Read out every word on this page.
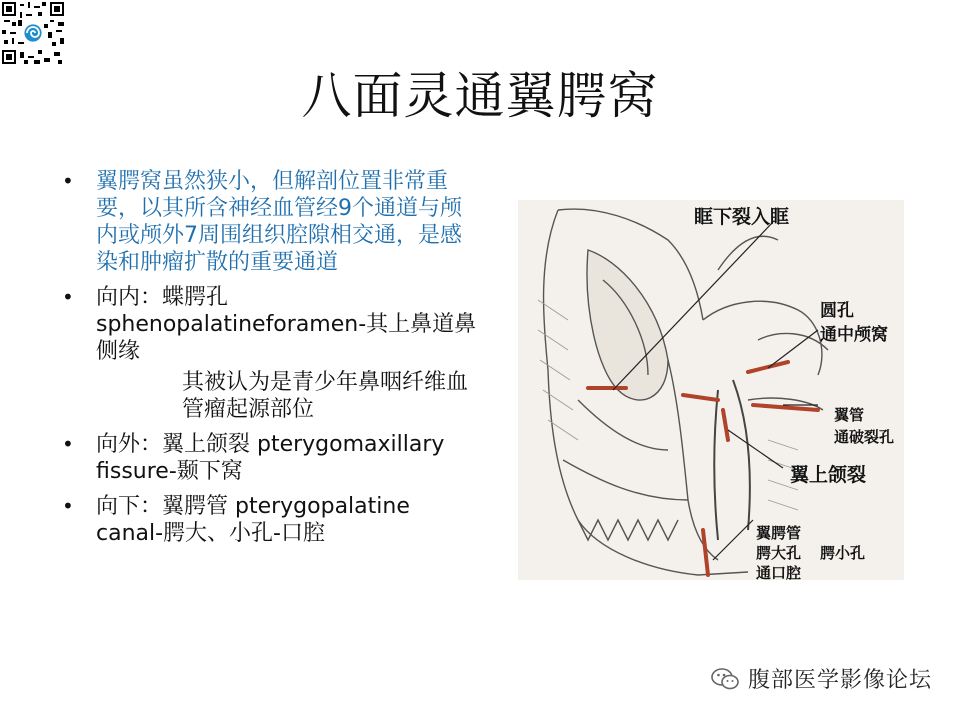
八面灵通翼腭窝
• 翼腭窝虽然狭小，但解剖位置非常重要，以其所含神经血管经9个通道与颅内或颅外7周围组织腔隙相交通，是感染和肿瘤扩散的重要通道
• 向内：蝶腭孔 sphenopalatineforamen-其上鼻道鼻侧缘
其被认为是青少年鼻咽纤维血管瘤起源部位
• 向外：翼上颌裂 pterygomaxillary fissure-颞下窝
• 向下：翼腭管 pterygopalatine canal-腭大、小孔-口腔
眶下裂入眶
圆孔
通中颅窝
翼管
通破裂孔
翼上颌裂
翼腭管
腭大孔 腭小孔
通口腔
腹部医学影像论坛
